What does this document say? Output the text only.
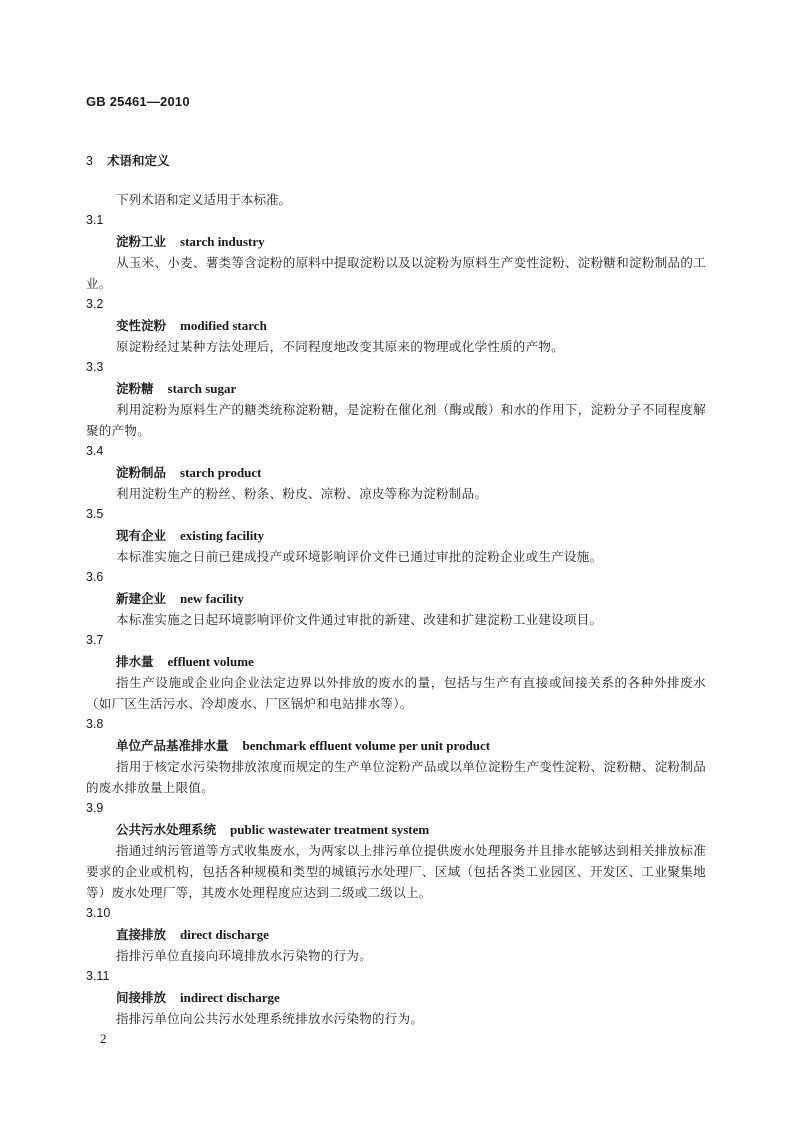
GB 25461—2010
3 术语和定义
下列术语和定义适用于本标准。
3.1
淀粉工业 starch industry
从玉米、小麦、薯类等含淀粉的原料中提取淀粉以及以淀粉为原料生产变性淀粉、淀粉糖和淀粉制品的工业。
3.2
变性淀粉 modified starch
原淀粉经过某种方法处理后，不同程度地改变其原来的物理或化学性质的产物。
3.3
淀粉糖 starch sugar
利用淀粉为原料生产的糖类统称淀粉糖，是淀粉在催化剂（酶或酸）和水的作用下，淀粉分子不同程度解聚的产物。
3.4
淀粉制品 starch product
利用淀粉生产的粉丝、粉条、粉皮、凉粉、凉皮等称为淀粉制品。
3.5
现有企业 existing facility
本标准实施之日前已建成投产或环境影响评价文件已通过审批的淀粉企业或生产设施。
3.6
新建企业 new facility
本标准实施之日起环境影响评价文件通过审批的新建、改建和扩建淀粉工业建设项目。
3.7
排水量 effluent volume
指生产设施或企业向企业法定边界以外排放的废水的量，包括与生产有直接或间接关系的各种外排废水（如厂区生活污水、冷却废水、厂区锅炉和电站排水等）。
3.8
单位产品基准排水量 benchmark effluent volume per unit product
指用于核定水污染物排放浓度而规定的生产单位淀粉产品或以单位淀粉生产变性淀粉、淀粉糖、淀粉制品的废水排放量上限值。
3.9
公共污水处理系统 public wastewater treatment system
指通过纳污管道等方式收集废水，为两家以上排污单位提供废水处理服务并且排水能够达到相关排放标准要求的企业或机构，包括各种规模和类型的城镇污水处理厂、区域（包括各类工业园区、开发区、工业聚集地等）废水处理厂等，其废水处理程度应达到二级或二级以上。
3.10
直接排放 direct discharge
指排污单位直接向环境排放水污染物的行为。
3.11
间接排放 indirect discharge
指排污单位向公共污水处理系统排放水污染物的行为。
2
